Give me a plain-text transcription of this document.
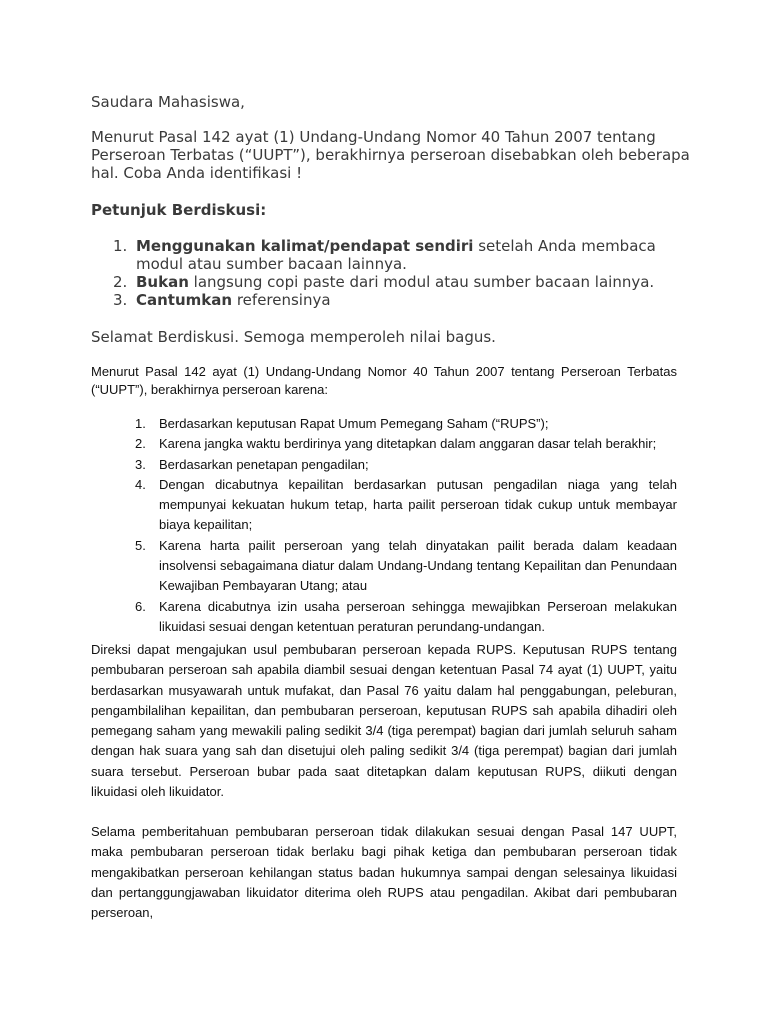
Saudara Mahasiswa,
Menurut Pasal 142 ayat (1) Undang-Undang Nomor 40 Tahun 2007 tentang Perseroan Terbatas (“UUPT”), berakhirnya perseroan disebabkan oleh beberapa hal. Coba Anda identifikasi !
Petunjuk Berdiskusi:
1. Menggunakan kalimat/pendapat sendiri setelah Anda membaca modul atau sumber bacaan lainnya.
2. Bukan langsung copi paste dari modul atau sumber bacaan lainnya.
3. Cantumkan referensinya
Selamat Berdiskusi. Semoga memperoleh nilai bagus.
Menurut Pasal 142 ayat (1) Undang-Undang Nomor 40 Tahun 2007 tentang Perseroan Terbatas (“UUPT”), berakhirnya perseroan karena:
1. Berdasarkan keputusan Rapat Umum Pemegang Saham (“RUPS”);
2. Karena jangka waktu berdirinya yang ditetapkan dalam anggaran dasar telah berakhir;
3. Berdasarkan penetapan pengadilan;
4. Dengan dicabutnya kepailitan berdasarkan putusan pengadilan niaga yang telah mempunyai kekuatan hukum tetap, harta pailit perseroan tidak cukup untuk membayar biaya kepailitan;
5. Karena harta pailit perseroan yang telah dinyatakan pailit berada dalam keadaan insolvensi sebagaimana diatur dalam Undang-Undang tentang Kepailitan dan Penundaan Kewajiban Pembayaran Utang; atau
6. Karena dicabutnya izin usaha perseroan sehingga mewajibkan Perseroan melakukan likuidasi sesuai dengan ketentuan peraturan perundang-undangan.
Direksi dapat mengajukan usul pembubaran perseroan kepada RUPS. Keputusan RUPS tentang pembubaran perseroan sah apabila diambil sesuai dengan ketentuan Pasal 74 ayat (1) UUPT, yaitu berdasarkan musyawarah untuk mufakat, dan Pasal 76 yaitu dalam hal penggabungan, peleburan, pengambilalihan kepailitan, dan pembubaran perseroan, keputusan RUPS sah apabila dihadiri oleh pemegang saham yang mewakili paling sedikit 3/4 (tiga perempat) bagian dari jumlah seluruh saham dengan hak suara yang sah dan disetujui oleh paling sedikit 3/4 (tiga perempat) bagian dari jumlah suara tersebut. Perseroan bubar pada saat ditetapkan dalam keputusan RUPS, diikuti dengan likuidasi oleh likuidator.
Selama pemberitahuan pembubaran perseroan tidak dilakukan sesuai dengan Pasal 147 UUPT, maka pembubaran perseroan tidak berlaku bagi pihak ketiga dan pembubaran perseroan tidak mengakibatkan perseroan kehilangan status badan hukumnya sampai dengan selesainya likuidasi dan pertanggungjawaban likuidator diterima oleh RUPS atau pengadilan. Akibat dari pembubaran perseroan,
